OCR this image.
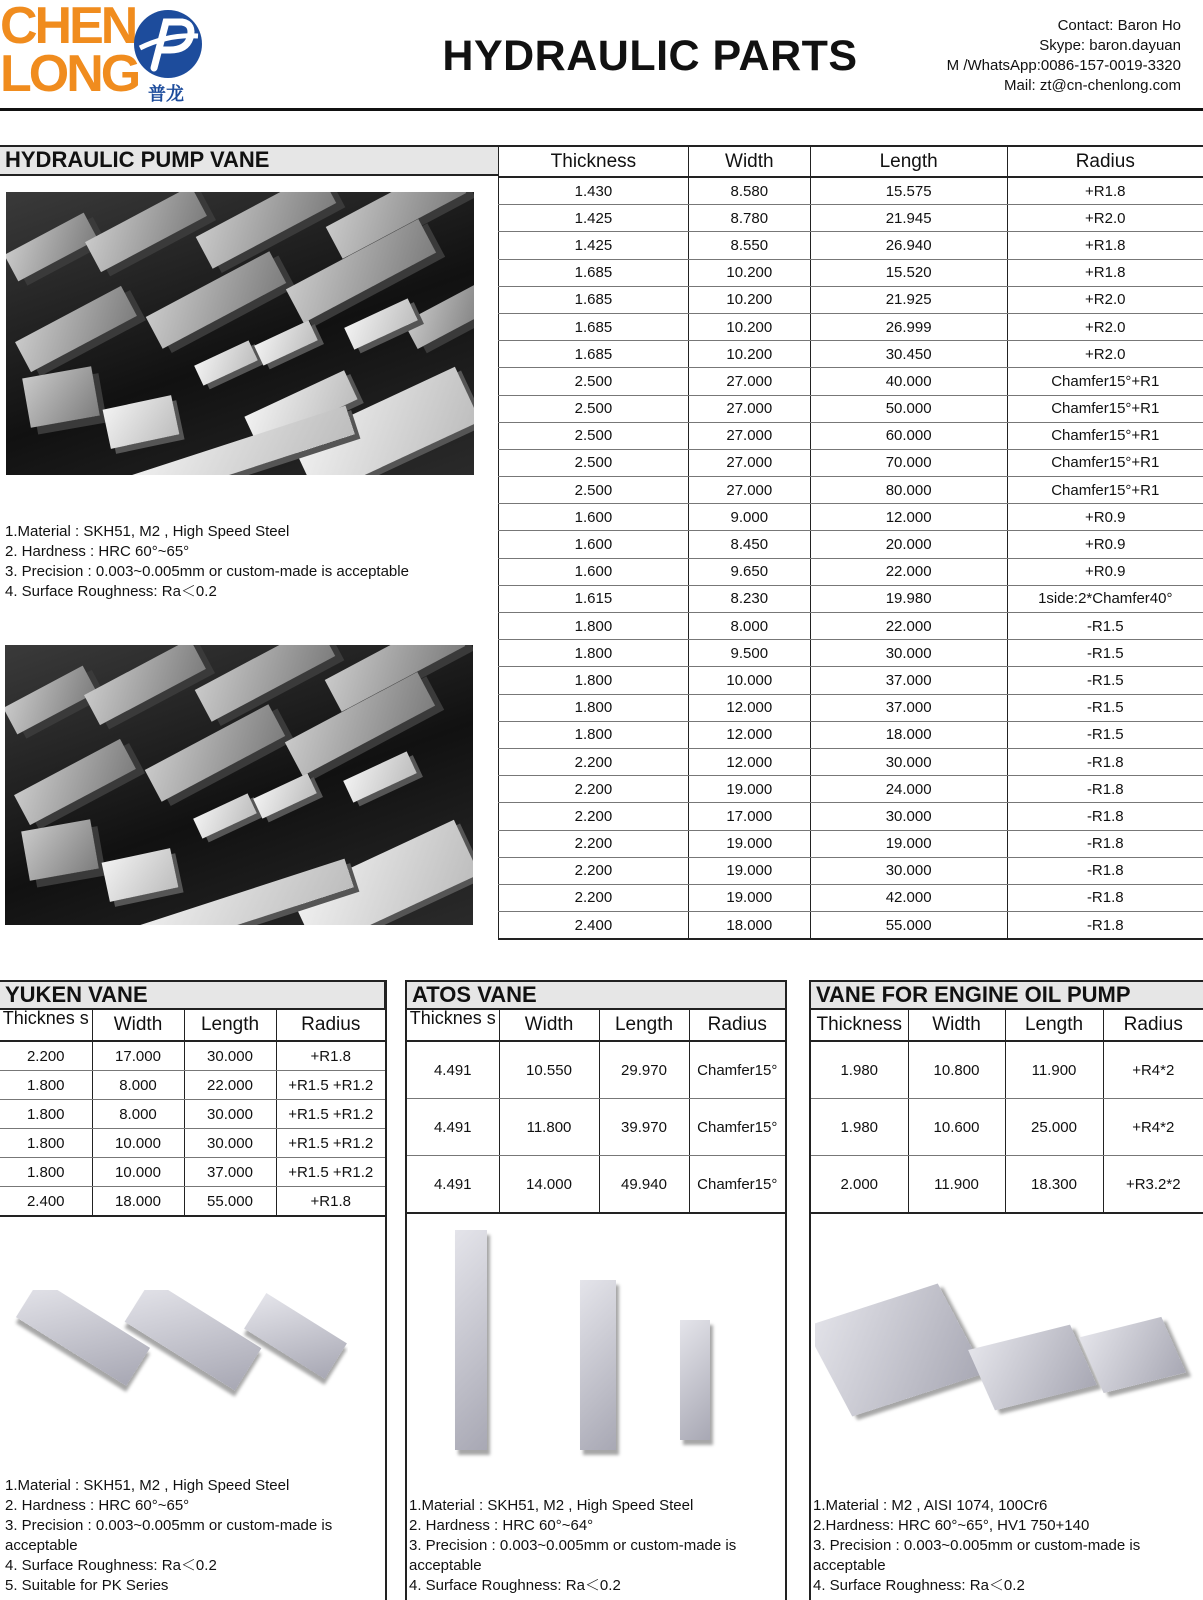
CHEN
LONG 普龙
HYDRAULIC PARTS
Contact: Baron Ho
Skype: baron.dayuan
M /WhatsApp:0086-157-0019-3320
Mail: zt@cn-chenlong.com
HYDRAULIC PUMP VANE
1.Material : SKH51, M2 , High Speed Steel
2. Hardness : HRC 60°~65°
3. Precision : 0.003~0.005mm or custom-made is acceptable
4. Surface Roughness: Ra＜0.2
Thickness	Width	Length	Radius
1.430	8.580	15.575	+R1.8
1.425	8.780	21.945	+R2.0
1.425	8.550	26.940	+R1.8
1.685	10.200	15.520	+R1.8
1.685	10.200	21.925	+R2.0
1.685	10.200	26.999	+R2.0
1.685	10.200	30.450	+R2.0
2.500	27.000	40.000	Chamfer15°+R1
2.500	27.000	50.000	Chamfer15°+R1
2.500	27.000	60.000	Chamfer15°+R1
2.500	27.000	70.000	Chamfer15°+R1
2.500	27.000	80.000	Chamfer15°+R1
1.600	9.000	12.000	+R0.9
1.600	8.450	20.000	+R0.9
1.600	9.650	22.000	+R0.9
1.615	8.230	19.980	1side:2*Chamfer40°
1.800	8.000	22.000	-R1.5
1.800	9.500	30.000	-R1.5
1.800	10.000	37.000	-R1.5
1.800	12.000	37.000	-R1.5
1.800	12.000	18.000	-R1.5
2.200	12.000	30.000	-R1.8
2.200	19.000	24.000	-R1.8
2.200	17.000	30.000	-R1.8
2.200	19.000	19.000	-R1.8
2.200	19.000	30.000	-R1.8
2.200	19.000	42.000	-R1.8
2.400	18.000	55.000	-R1.8
YUKEN VANE
Thicknes s	Width	Length	Radius
2.200	17.000	30.000	+R1.8
1.800	8.000	22.000	+R1.5 +R1.2
1.800	8.000	30.000	+R1.5 +R1.2
1.800	10.000	30.000	+R1.5 +R1.2
1.800	10.000	37.000	+R1.5 +R1.2
2.400	18.000	55.000	+R1.8
1.Material : SKH51, M2 , High Speed Steel
2. Hardness : HRC 60°~65°
3. Precision : 0.003~0.005mm or custom-made is
acceptable
4. Surface Roughness: Ra＜0.2
5. Suitable for PK Series
ATOS VANE
Thicknes s	Width	Length	Radius
4.491	10.550	29.970	Chamfer15°
4.491	11.800	39.970	Chamfer15°
4.491	14.000	49.940	Chamfer15°
1.Material : SKH51, M2 , High Speed Steel
2. Hardness : HRC 60°~64°
3. Precision : 0.003~0.005mm or custom-made is
acceptable
4. Surface Roughness: Ra＜0.2
VANE FOR ENGINE OIL PUMP
Thickness	Width	Length	Radius
1.980	10.800	11.900	+R4*2
1.980	10.600	25.000	+R4*2
2.000	11.900	18.300	+R3.2*2
1.Material : M2 , AISI 1074, 100Cr6
2.Hardness: HRC 60°~65°, HV1 750+140
3. Precision : 0.003~0.005mm or custom-made is
acceptable
4. Surface Roughness: Ra＜0.2
